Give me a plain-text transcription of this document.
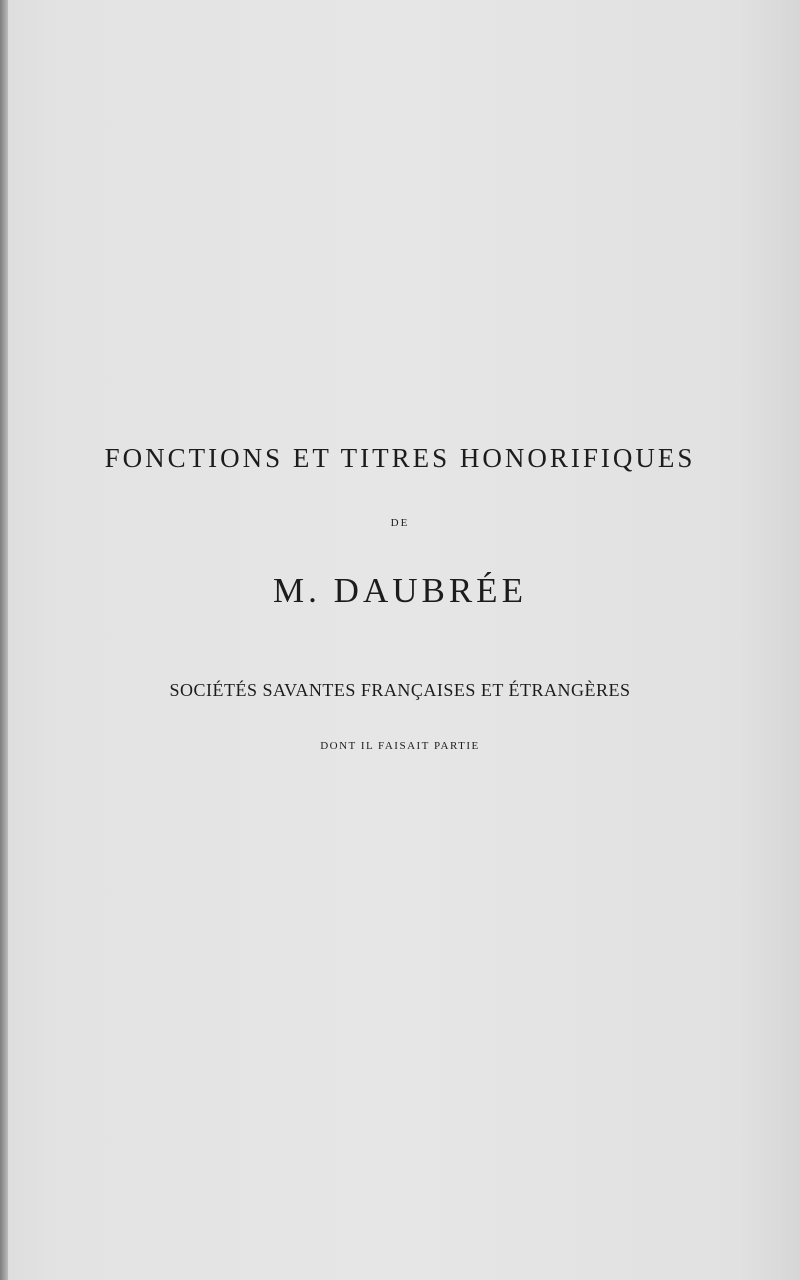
FONCTIONS ET TITRES HONORIFIQUES
DE
M. DAUBRÉE
SOCIÉTÉS SAVANTES FRANÇAISES ET ÉTRANGÈRES
DONT IL FAISAIT PARTIE
